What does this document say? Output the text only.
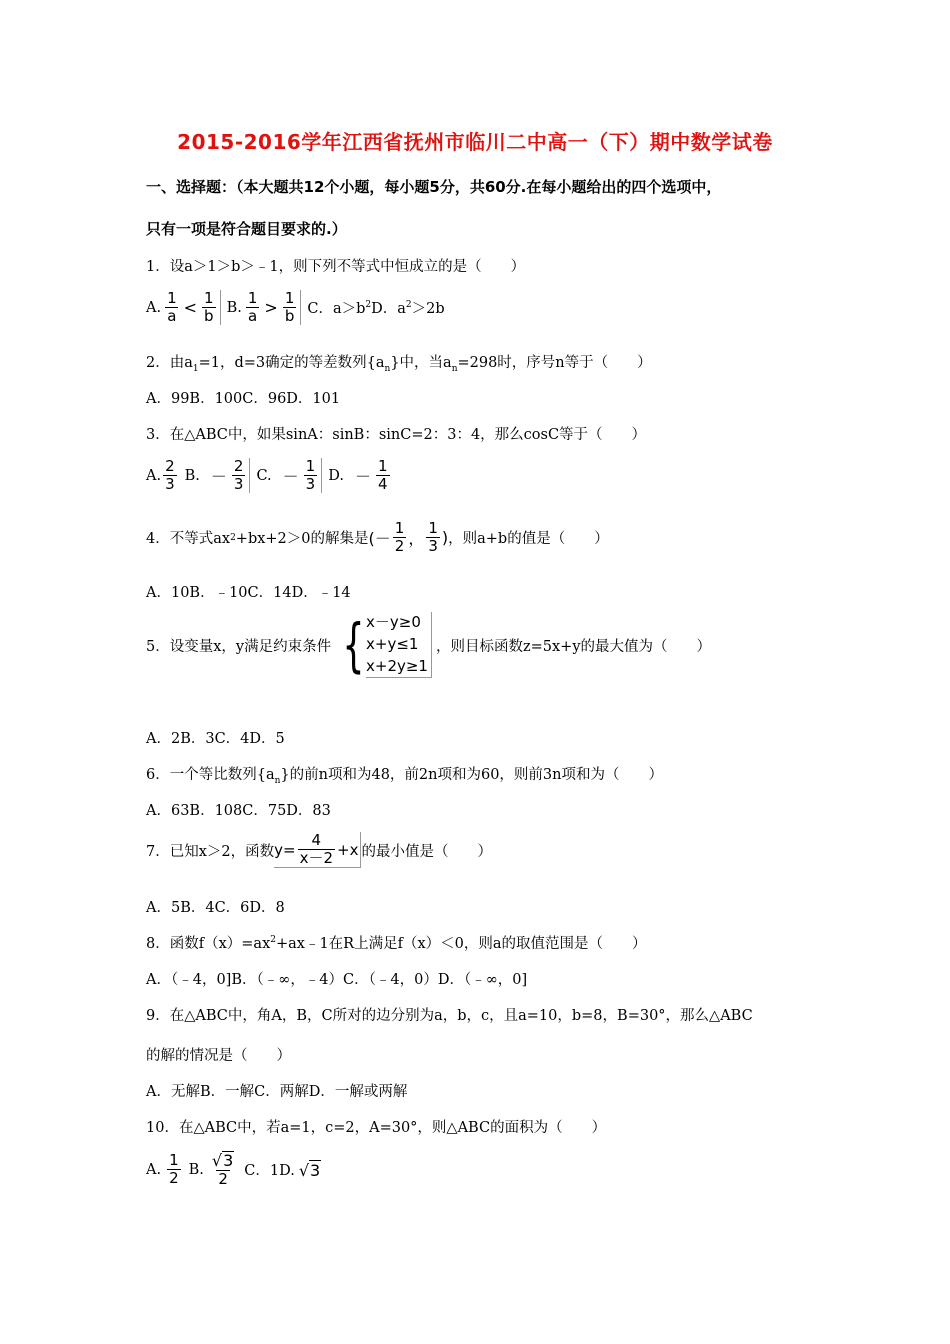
2015-2016学年江西省抚州市临川二中高一（下）期中数学试卷
一、选择题：（本大题共12个小题，每小题5分，共60分.在每小题给出的四个选项中，
只有一项是符合题目要求的.）
1．设a＞1＞b＞﹣1，则下列不等式中恒成立的是（　　）
A. $\frac{1}{a} < \frac{1}{b} B$. $\frac{1}{a} > \frac{1}{b}$ C．$a>b^2$ D．$a^2>2b$
2．由$a_1=1$，d=3确定的等差数列$\{a_n\}$中，当$a_n=298$时，序号n等于（　　）
A．99B．100C．96D．101
3．在△ABC中，如果sinA：sinB：sinC=2：3：4，那么cosC等于（　　）
A. $\frac{2}{3} B$. － $\frac{2}{3} C$. － $\frac{1}{3} D$. － $\frac{1}{4}$
4．不等式ax 2 +bx+2＞0的解集是 (－ $\frac{1}{2}$ ， $\frac{1}{3}$ ) ，则a+b的值是（　　）
A．10B．﹣10C．14D．﹣14
5．设变量x，y满足约束条件 { x－y≥0
x+y≤1
x+2y≥1
，则目标函数z=5x+y的最大值为（　　）
A．2B．3C．4D．5
6．一个等比数列$\{a_n\}$的前n项和为48，前2n项和为60，则前3n项和为（　　）
A．63B．108C．75D．83
7．已知x＞2，函数 $y= \frac{4}{x-2} +x$ 的最小值是（　　）
A．5B．4C．6D．8
8．函数$f(x)=ax^2+ax﹣1$在R上满足f（x）＜0，则a的取值范围是（　　）
A．（﹣4，0]B．（﹣∞，﹣4）C．（﹣4，0）D．（﹣∞，0]
9．在△ABC中，角A，B，C所对的边分别为a，b，c，且a=10，b=8，B=30°，那么△ABC
的解的情况是（　　）
A．无解B．一解C．两解D．一解或两解
10．在△ABC中，若a=1，c=2，A=30°，则△ABC的面积为（　　）
A. $\frac{1}{2} B$. $\frac{√ 3}{2}$ C．1D. √ 3
